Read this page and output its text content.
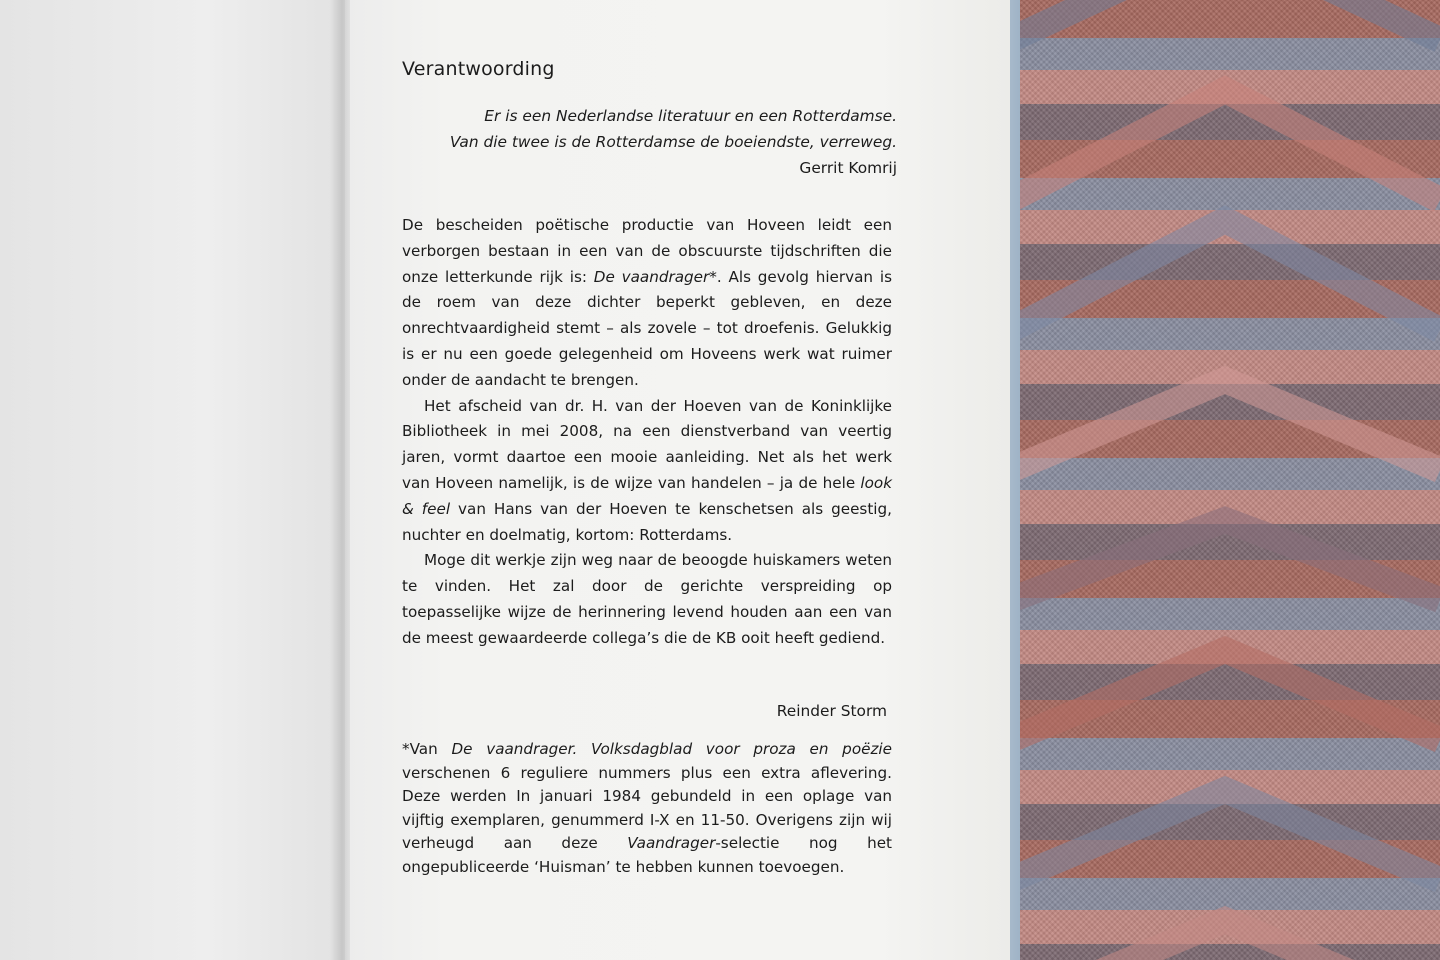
Verantwoording
Er is een Nederlandse literatuur en een Rotterdamse.
Van die twee is de Rotterdamse de boeiendste, verreweg.
Gerrit Komrij

De bescheiden poëtische productie van Hoveen leidt een verborgen bestaan in een van de obscuurste tijdschriften die onze letterkunde rijk is: De vaandrager*. Als gevolg hiervan is de roem van deze dichter beperkt gebleven, en deze onrechtvaardigheid stemt – als zovele – tot droefenis. Gelukkig is er nu een goede gelegenheid om Hoveens werk wat ruimer onder de aandacht te brengen.

Het afscheid van dr. H. van der Hoeven van de Koninklijke Bibliotheek in mei 2008, na een dienstverband van veertig jaren, vormt daartoe een mooie aanleiding. Net als het werk van Hoveen namelijk, is de wijze van handelen – ja de hele look & feel van Hans van der Hoeven te kenschetsen als geestig, nuchter en doelmatig, kortom: Rotterdams.

Moge dit werkje zijn weg naar de beoogde huiskamers weten te vinden. Het zal door de gerichte verspreiding op toepasselijke wijze de herinnering levend houden aan een van de meest gewaardeerde collega’s die de KB ooit heeft gediend.

Reinder Storm

*Van De vaandrager. Volksdagblad voor proza en poëzie verschenen 6 reguliere nummers plus een extra aflevering. Deze werden In januari 1984 gebundeld in een oplage van vijftig exemplaren, genummerd I-X en 11-50. Overigens zijn wij verheugd aan deze Vaandrager-selectie nog het ongepubliceerde ‘Huisman’ te hebben kunnen toevoegen.
